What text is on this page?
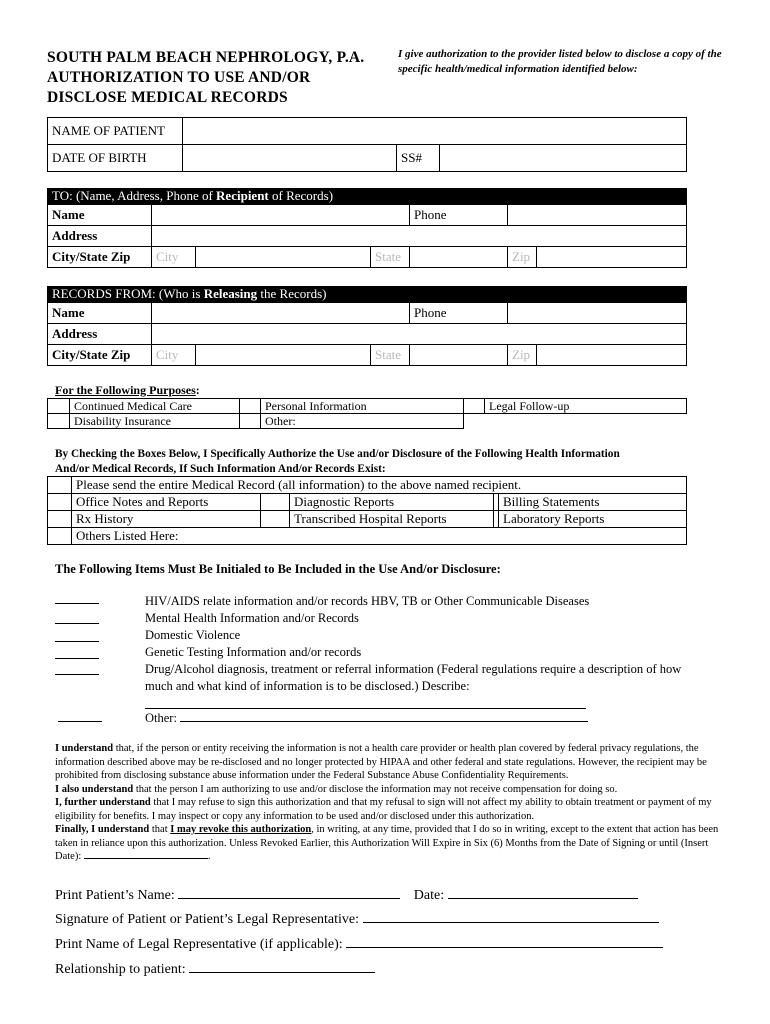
SOUTH PALM BEACH NEPHROLOGY, P.A.
AUTHORIZATION TO USE AND/OR
DISCLOSE MEDICAL RECORDS
I give authorization to the provider listed below to disclose a copy of the specific health/medical information identified below:
NAME OF PATIENT			
DATE OF BIRTH		SS#	
TO: (Name, Address, Phone of Recipient of Records)
Name				Phone		
Address						
City/State Zip	City		State		Zip	
RECORDS FROM: (Who is Releasing the Records)
Name				Phone		
Address						
City/State Zip	City		State		Zip	
For the Following Purposes:
	Continued Medical Care		Personal Information		Legal Follow-up
	Disability Insurance		Other:		
By Checking the Boxes Below, I Specifically Authorize the Use and/or Disclosure of the Following Health Information
And/or Medical Records, If Such Information And/or Records Exist:
	Please send the entire Medical Record (all information) to the above named recipient.				
	Office Notes and Reports		Diagnostic Reports		Billing Statements
	Rx History		Transcribed Hospital Reports		Laboratory Reports
	Others Listed Here:				
The Following Items Must Be Initialed to Be Included in the Use And/or Disclosure:
HIV/AIDS relate information and/or records HBV, TB or Other Communicable Diseases
Mental Health Information and/or Records
Domestic Violence
Genetic Testing Information and/or records
Drug/Alcohol diagnosis, treatment or referral information (Federal regulations require a description of how
much and what kind of information is to be disclosed.) Describe:
Other:
I understand that, if the person or entity receiving the information is not a health care provider or health plan covered by federal privacy regulations, the information described above may be re-disclosed and no longer protected by HIPAA and other federal and state regulations. However, the recipient may be prohibited from disclosing substance abuse information under the Federal Substance Abuse Confidentiality Requirements.
I also understand that the person I am authorizing to use and/or disclose the information may not receive compensation for doing so.
I, further understand that I may refuse to sign this authorization and that my refusal to sign will not affect my ability to obtain treatment or payment of my eligibility for benefits. I may inspect or copy any information to be used and/or disclosed under this authorization.
Finally, I understand that I may revoke this authorization, in writing, at any time, provided that I do so in writing, except to the extent that action has been taken in reliance upon this authorization. Unless Revoked Earlier, this Authorization Will Expire in Six (6) Months from the Date of Signing or until (Insert Date):	.
Print Patient’s Name:	Date:
Signature of Patient or Patient’s Legal Representative:
Print Name of Legal Representative (if applicable):
Relationship to patient:
